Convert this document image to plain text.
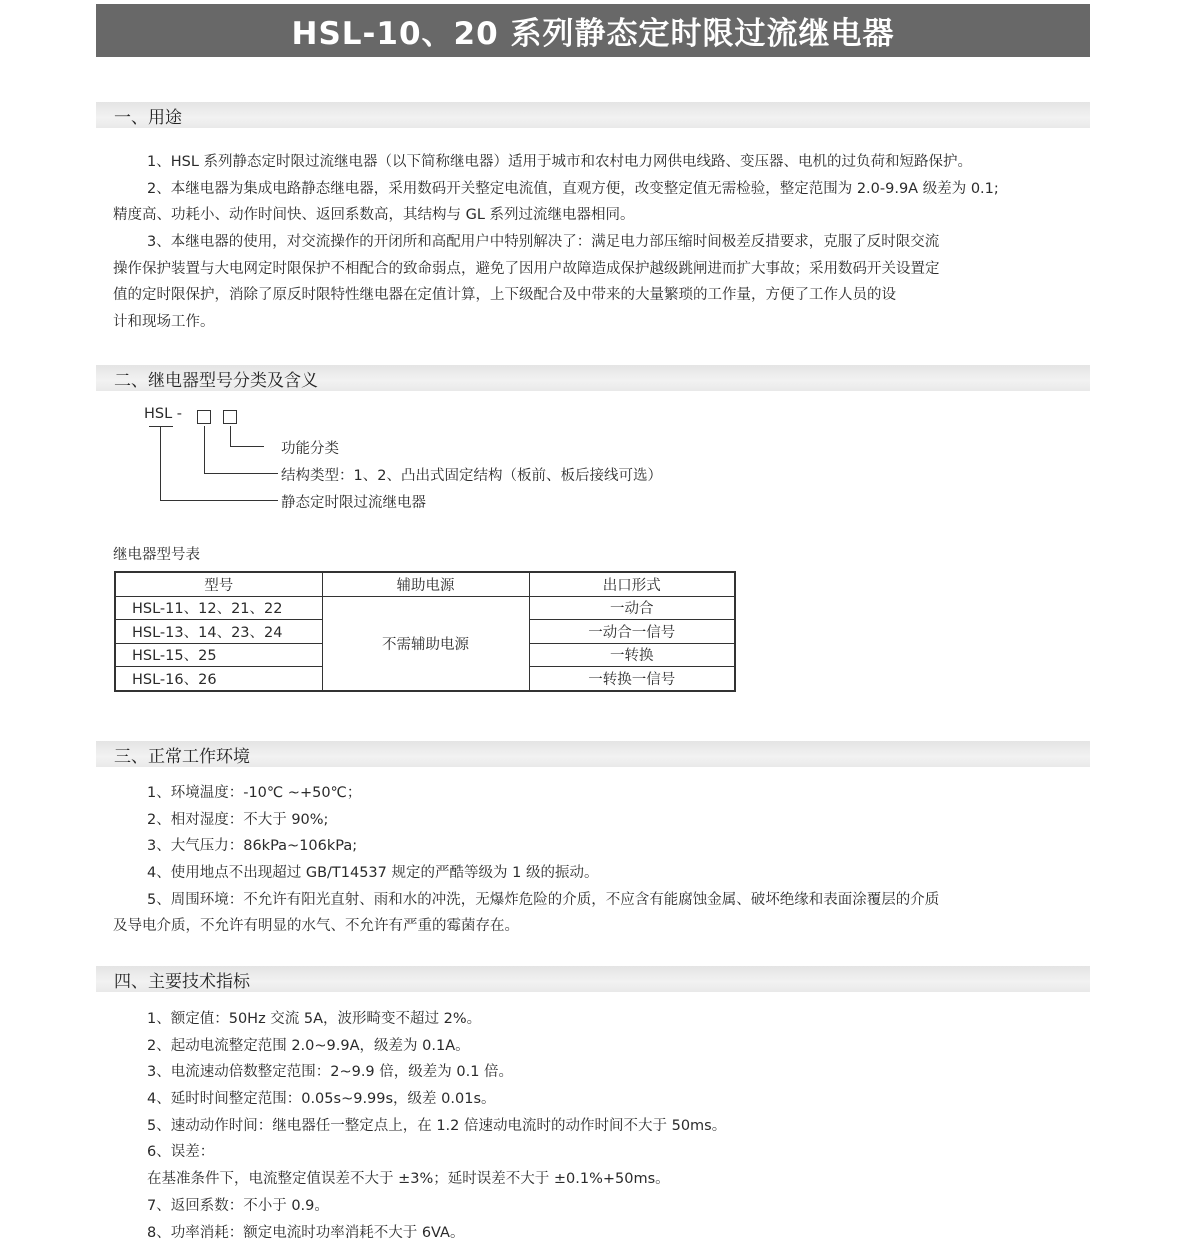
HSL-10、20 系列静态定时限过流继电器
一、用途
1、HSL 系列静态定时限过流继电器（以下简称继电器）适用于城市和农村电力网供电线路、变压器、电机的过负荷和短路保护。
2、本继电器为集成电路静态继电器，采用数码开关整定电流值，直观方便，改变整定值无需检验，整定范围为 2.0-9.9A 级差为 0.1;
精度高、功耗小、动作时间快、返回系数高，其结构与 GL 系列过流继电器相同。
3、本继电器的使用，对交流操作的开闭所和高配用户中特别解决了：满足电力部压缩时间极差反措要求，克服了反时限交流
操作保护装置与大电网定时限保护不相配合的致命弱点，避免了因用户故障造成保护越级跳闸进而扩大事故；采用数码开关设置定
值的定时限保护，消除了原反时限特性继电器在定值计算，上下级配合及中带来的大量繁琐的工作量，方便了工作人员的设
计和现场工作。
二、继电器型号分类及含义
HSL -
功能分类
结构类型：1、2、凸出式固定结构（板前、板后接线可选）
静态定时限过流继电器
继电器型号表
型号	辅助电源	出口形式
HSL-11、12、21、22	不需辅助电源	一动合
HSL-13、14、23、24		一动合一信号
HSL-15、25		一转换
HSL-16、26		一转换一信号
三、正常工作环境
1、环境温度：-10℃ ~+50℃；
2、相对湿度：不大于 90%;
3、大气压力：86kPa~106kPa;
4、使用地点不出现超过 GB/T14537 规定的严酷等级为 1 级的振动。
5、周围环境：不允许有阳光直射、雨和水的冲洗，无爆炸危险的介质，不应含有能腐蚀金属、破坏绝缘和表面涂覆层的介质
及导电介质，不允许有明显的水气、不允许有严重的霉菌存在。
四、主要技术指标
1、额定值：50Hz 交流 5A，波形畸变不超过 2%。
2、起动电流整定范围 2.0~9.9A，级差为 0.1A。
3、电流速动倍数整定范围：2~9.9 倍，级差为 0.1 倍。
4、延时时间整定范围：0.05s~9.99s，级差 0.01s。
5、速动动作时间：继电器任一整定点上，在 1.2 倍速动电流时的动作时间不大于 50ms。
6、误差：
在基准条件下，电流整定值误差不大于 ±3%；延时误差不大于 ±0.1%+50ms。
7、返回系数：不小于 0.9。
8、功率消耗：额定电流时功率消耗不大于 6VA。
